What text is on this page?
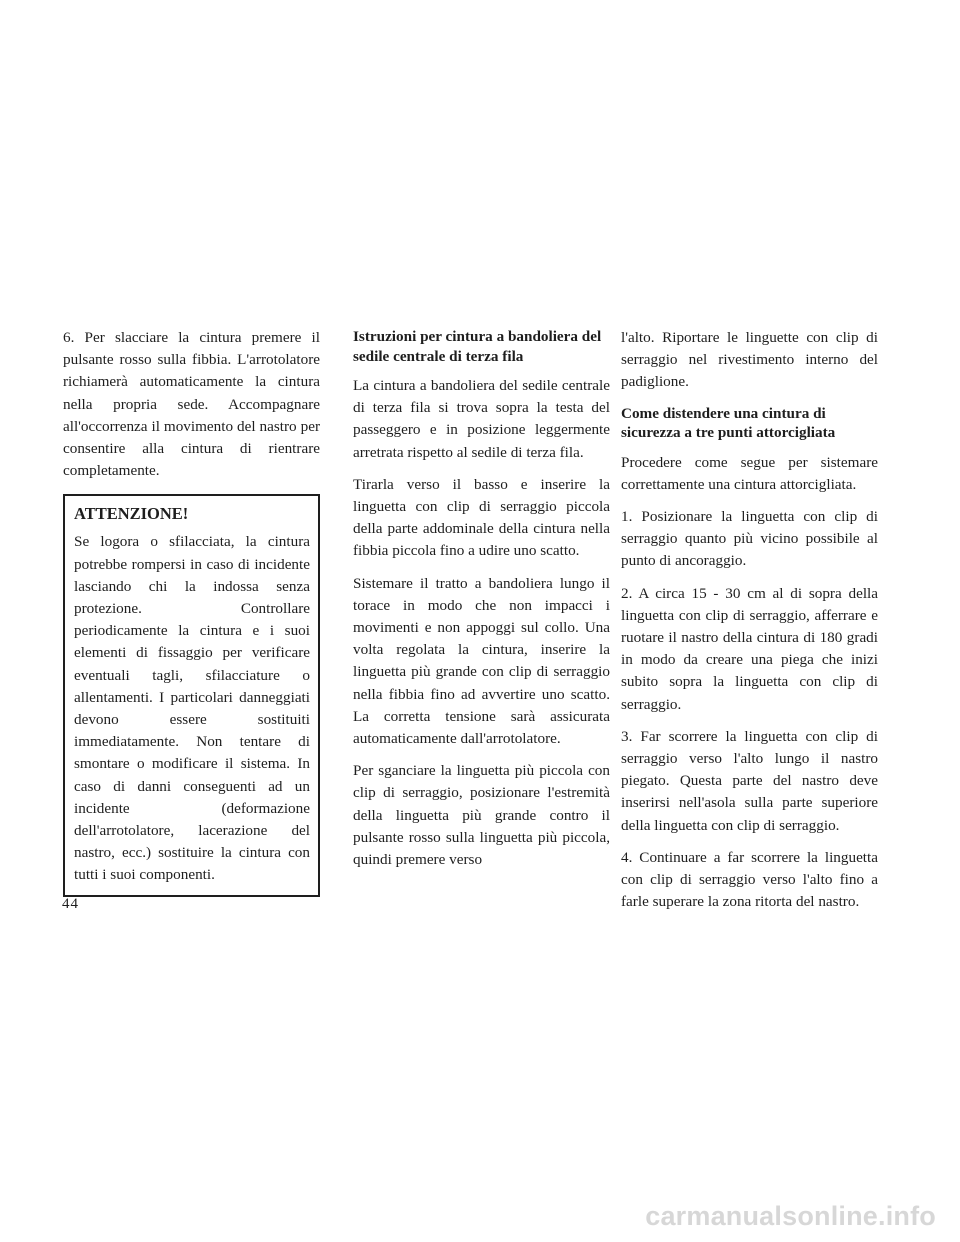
6. Per slacciare la cintura premere il pulsante rosso sulla fibbia. L'arrotolatore richiamerà automaticamente la cintura nella propria sede. Accompagnare all'occorrenza il movimento del nastro per consentire alla cintura di rientrare completamente.

ATTENZIONE!

Se logora o sfilacciata, la cintura potrebbe rompersi in caso di incidente lasciando chi la indossa senza protezione. Controllare periodicamente la cintura e i suoi elementi di fissaggio per verificare eventuali tagli, sfilacciature o allentamenti. I particolari danneggiati devono essere sostituiti immediatamente. Non tentare di smontare o modificare il sistema. In caso di danni conseguenti ad un incidente (deformazione dell'arrotolatore, lacerazione del nastro, ecc.) sostituire la cintura con tutti i suoi componenti.

Istruzioni per cintura a bandoliera del sedile centrale di terza fila

La cintura a bandoliera del sedile centrale di terza fila si trova sopra la testa del passeggero e in posizione leggermente arretrata rispetto al sedile di terza fila.

Tirarla verso il basso e inserire la linguetta con clip di serraggio piccola della parte addominale della cintura nella fibbia piccola fino a udire uno scatto.

Sistemare il tratto a bandoliera lungo il torace in modo che non impacci i movimenti e non appoggi sul collo. Una volta regolata la cintura, inserire la linguetta più grande con clip di serraggio nella fibbia fino ad avvertire uno scatto. La corretta tensione sarà assicurata automaticamente dall'arrotolatore.

Per sganciare la linguetta più piccola con clip di serraggio, posizionare l'estremità della linguetta più grande contro il pulsante rosso sulla linguetta più piccola, quindi premere verso

l'alto. Riportare le linguette con clip di serraggio nel rivestimento interno del padiglione.

Come distendere una cintura di sicurezza a tre punti attorcigliata

Procedere come segue per sistemare correttamente una cintura attorcigliata.

1. Posizionare la linguetta con clip di serraggio quanto più vicino possibile al punto di ancoraggio.

2. A circa 15 - 30 cm al di sopra della linguetta con clip di serraggio, afferrare e ruotare il nastro della cintura di 180 gradi in modo da creare una piega che inizi subito sopra la linguetta con clip di serraggio.

3. Far scorrere la linguetta con clip di serraggio verso l'alto lungo il nastro piegato. Questa parte del nastro deve inserirsi nell'asola sulla parte superiore della linguetta con clip di serraggio.

4. Continuare a far scorrere la linguetta con clip di serraggio verso l'alto fino a farle superare la zona ritorta del nastro.

44
carmanualsonline.info
